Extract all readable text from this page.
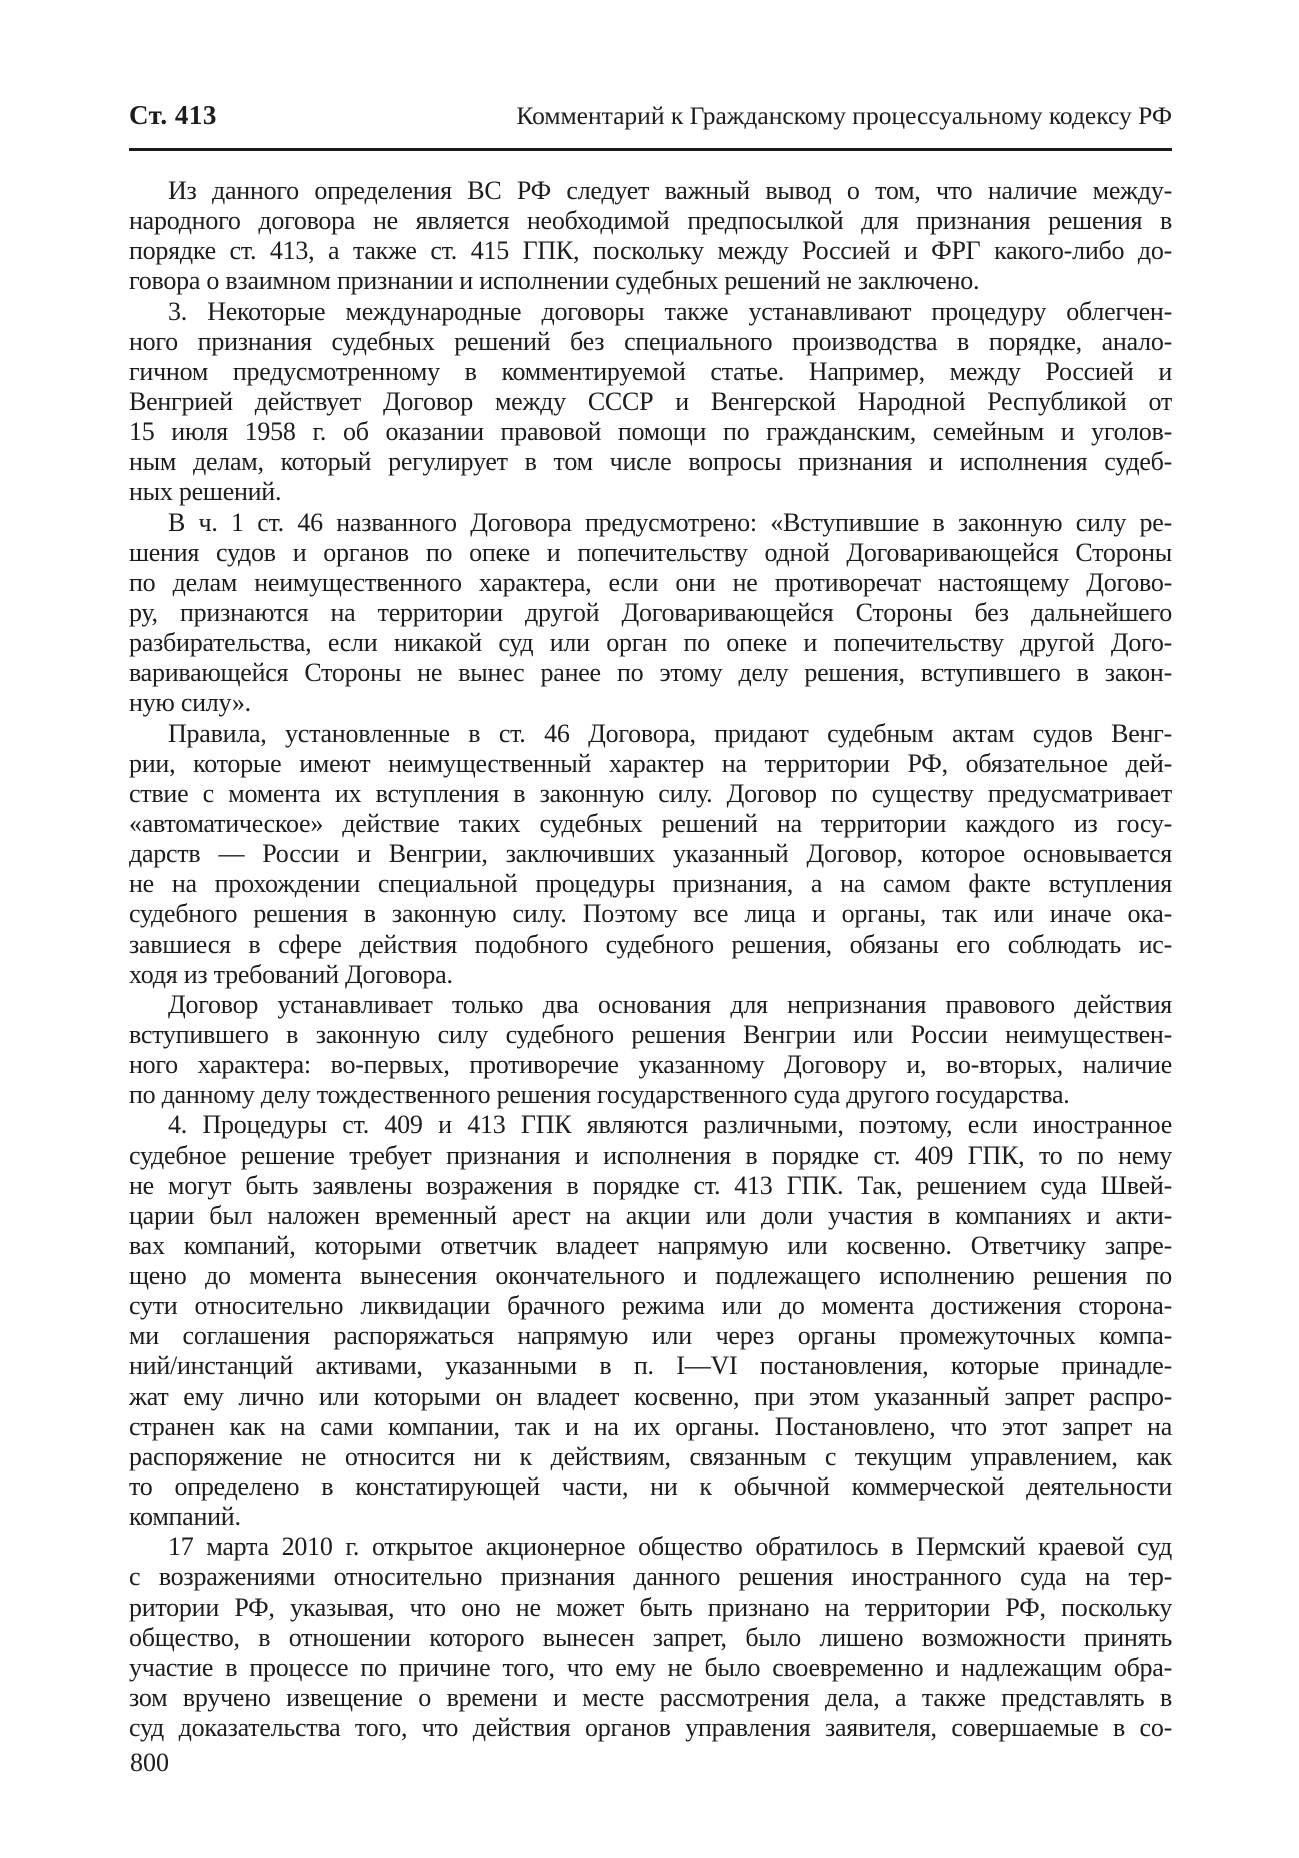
Ст. 413	Комментарий к Гражданскому процессуальному кодексу РФ

Из данного определения ВС РФ следует важный вывод о том, что наличие между-
народного договора не является необходимой предпосылкой для признания решения в
порядке ст. 413, а также ст. 415 ГПК, поскольку между Россией и ФРГ какого-либо до-
говора о взаимном признании и исполнении судебных решений не заключено.

3. Некоторые международные договоры также устанавливают процедуру облегчен-
ного признания судебных решений без специального производства в порядке, анало-
гичном предусмотренному в комментируемой статье. Например, между Россией и
Венгрией действует Договор между СССР и Венгерской Народной Республикой от
15 июля 1958 г. об оказании правовой помощи по гражданским, семейным и уголов-
ным делам, который регулирует в том числе вопросы признания и исполнения судеб-
ных решений.

В ч. 1 ст. 46 названного Договора предусмотрено: «Вступившие в законную силу ре-
шения судов и органов по опеке и попечительству одной Договаривающейся Стороны
по делам неимущественного характера, если они не противоречат настоящему Догово-
ру, признаются на территории другой Договаривающейся Стороны без дальнейшего
разбирательства, если никакой суд или орган по опеке и попечительству другой Дого-
варивающейся Стороны не вынес ранее по этому делу решения, вступившего в закон-
ную силу».

Правила, установленные в ст. 46 Договора, придают судебным актам судов Венг-
рии, которые имеют неимущественный характер на территории РФ, обязательное дей-
ствие с момента их вступления в законную силу. Договор по существу предусматривает
«автоматическое» действие таких судебных решений на территории каждого из госу-
дарств — России и Венгрии, заключивших указанный Договор, которое основывается
не на прохождении специальной процедуры признания, а на самом факте вступления
судебного решения в законную силу. Поэтому все лица и органы, так или иначе ока-
завшиеся в сфере действия подобного судебного решения, обязаны его соблюдать ис-
ходя из требований Договора.

Договор устанавливает только два основания для непризнания правового действия
вступившего в законную силу судебного решения Венгрии или России неимуществен-
ного характера: во-первых, противоречие указанному Договору и, во-вторых, наличие
по данному делу тождественного решения государственного суда другого государства.

4. Процедуры ст. 409 и 413 ГПК являются различными, поэтому, если иностранное
судебное решение требует признания и исполнения в порядке ст. 409 ГПК, то по нему
не могут быть заявлены возражения в порядке ст. 413 ГПК. Так, решением суда Швей-
царии был наложен временный арест на акции или доли участия в компаниях и акти-
вах компаний, которыми ответчик владеет напрямую или косвенно. Ответчику запре-
щено до момента вынесения окончательного и подлежащего исполнению решения по
сути относительно ликвидации брачного режима или до момента достижения сторона-
ми соглашения распоряжаться напрямую или через органы промежуточных компа-
ний/инстанций активами, указанными в п. I—VI постановления, которые принадле-
жат ему лично или которыми он владеет косвенно, при этом указанный запрет распро-
странен как на сами компании, так и на их органы. Постановлено, что этот запрет на
распоряжение не относится ни к действиям, связанным с текущим управлением, как
то определено в констатирующей части, ни к обычной коммерческой деятельности
компаний.

17 марта 2010 г. открытое акционерное общество обратилось в Пермский краевой суд
с возражениями относительно признания данного решения иностранного суда на тер-
ритории РФ, указывая, что оно не может быть признано на территории РФ, поскольку
общество, в отношении которого вынесен запрет, было лишено возможности принять
участие в процессе по причине того, что ему не было своевременно и надлежащим обра-
зом вручено извещение о времени и месте рассмотрения дела, а также представлять в
суд доказательства того, что действия органов управления заявителя, совершаемые в со-

800
